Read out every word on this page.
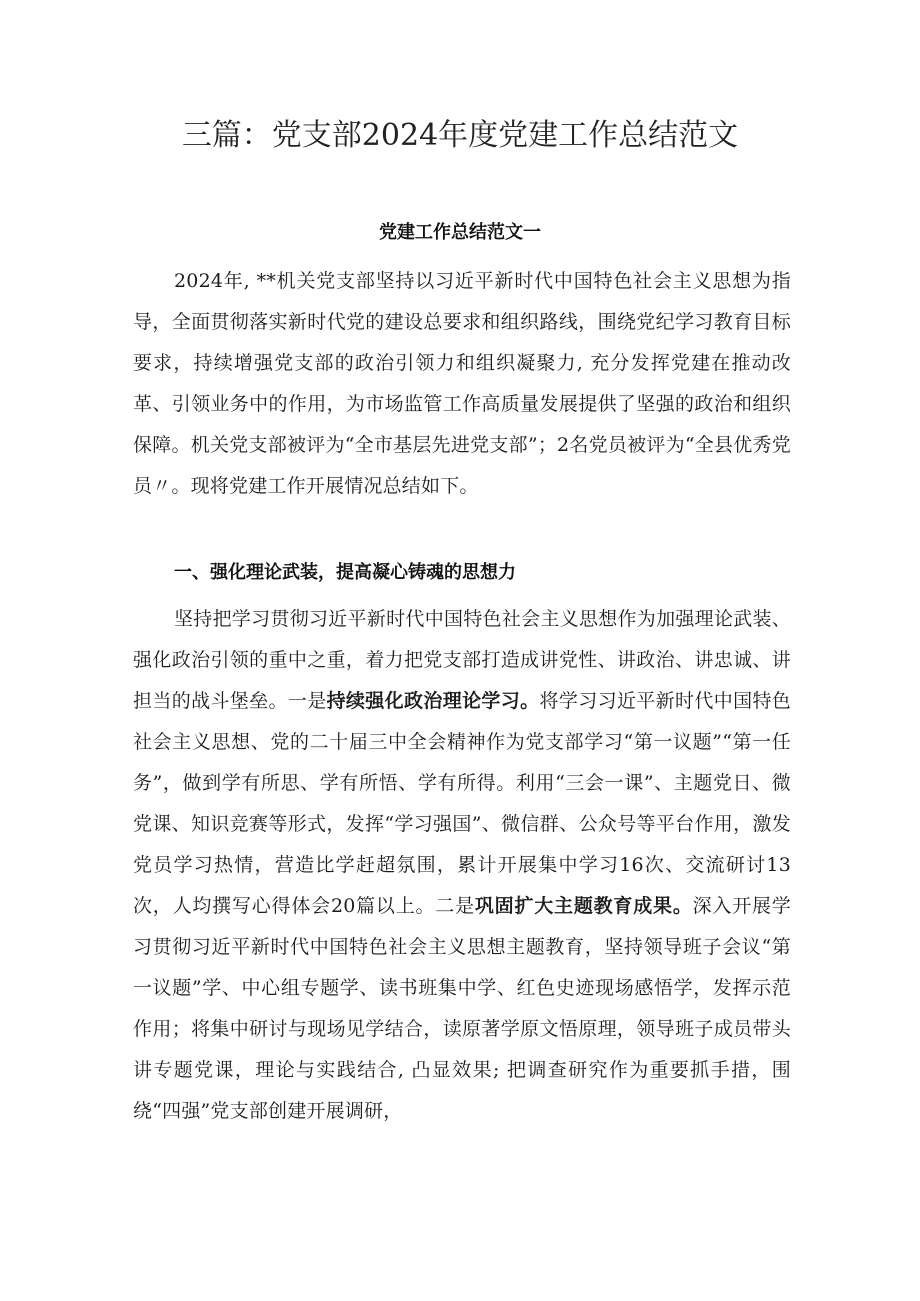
三篇：党支部2024年度党建工作总结范文
党建工作总结范文一

2024年, **机关党支部坚持以习近平新时代中国特色社会主义思想为指导，全面贯彻落实新时代党的建设总要求和组织路线，围绕党纪学习教育目标要求，持续增强党支部的政治引领力和组织凝聚力, 充分发挥党建在推动改革、引领业务中的作用，为市场监管工作高质量发展提供了坚强的政治和组织保障。机关党支部被评为“全市基层先进党支部”；2名党员被评为“全县优秀党员〃。现将党建工作开展情况总结如下。

一、强化理论武装，提高凝心铸魂的思想力

坚持把学习贯彻习近平新时代中国特色社会主义思想作为加强理论武装、强化政治引领的重中之重，着力把党支部打造成讲党性、讲政治、讲忠诚、讲担当的战斗堡垒。一是持续强化政治理论学习。将学习习近平新时代中国特色社会主义思想、党的二十届三中全会精神作为党支部学习“第一议题”“第一任务”，做到学有所思、学有所悟、学有所得。利用“三会一课”、主题党日、微党课、知识竞赛等形式，发挥“学习强国”、微信群、公众号等平台作用，激发党员学习热情，营造比学赶超氛围，累计开展集中学习16次、交流研讨13次，人均撰写心得体会20篇以上。二是巩固扩大主题教育成果。深入开展学习贯彻习近平新时代中国特色社会主义思想主题教育，坚持领导班子会议“第一议题”学、中心组专题学、读书班集中学、红色史迹现场感悟学，发挥示范作用；将集中研讨与现场见学结合，读原著学原文悟原理，领导班子成员带头讲专题党课，理论与实践结合, 凸显效果; 把调查研究作为重要抓手措，围绕“四强”党支部创建开展调研，
